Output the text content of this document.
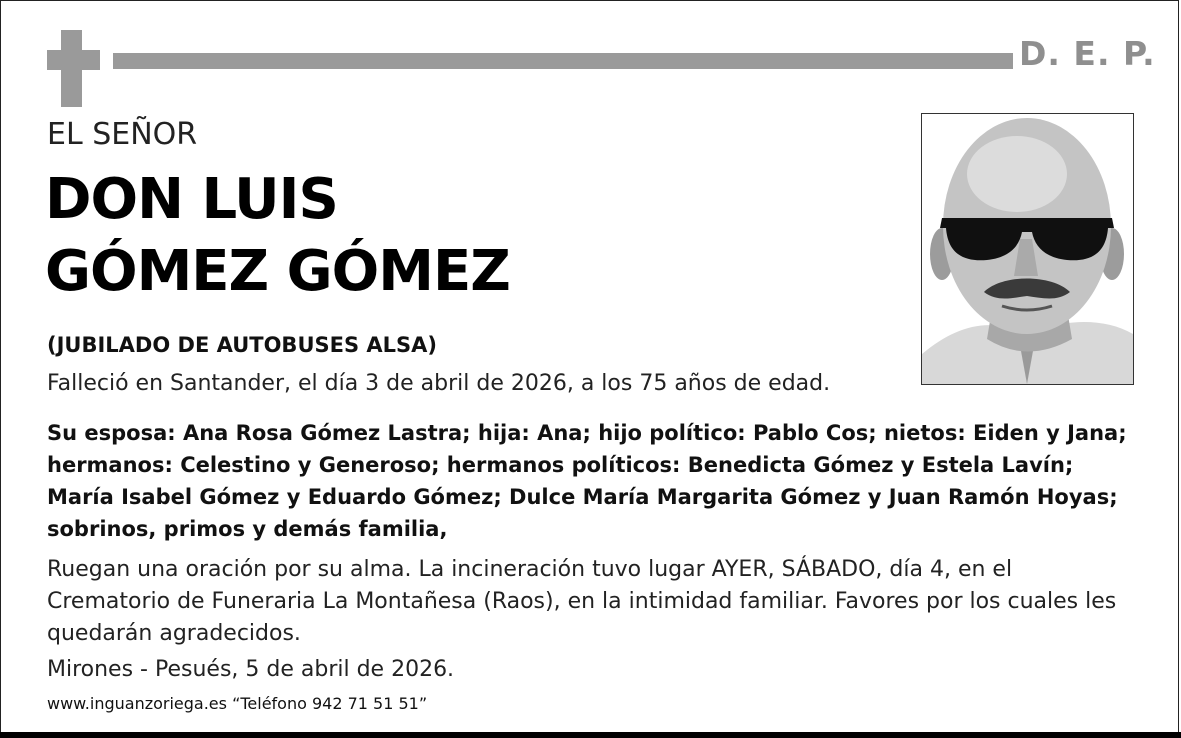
D. E. P.
EL SEÑOR
DON LUIS
GÓMEZ GÓMEZ
(JUBILADO DE AUTOBUSES ALSA)
Falleció en Santander, el día 3 de abril de 2026, a los 75 años de edad.
Su esposa: Ana Rosa Gómez Lastra; hija: Ana; hijo político: Pablo Cos; nietos: Eiden y Jana; hermanos: Celestino y Generoso; hermanos políticos: Benedicta Gómez y Estela Lavín; María Isabel Gómez y Eduardo Gómez; Dulce María Margarita Gómez y Juan Ramón Hoyas; sobrinos, primos y demás familia,
Ruegan una oración por su alma. La incineración tuvo lugar AYER, SÁBADO, día 4, en el Crematorio de Funeraria La Montañesa (Raos), en la intimidad familiar. Favores por los cuales les quedarán agradecidos.
Mirones - Pesués, 5 de abril de 2026.
www.inguanzoriega.es “Teléfono 942 71 51 51”
